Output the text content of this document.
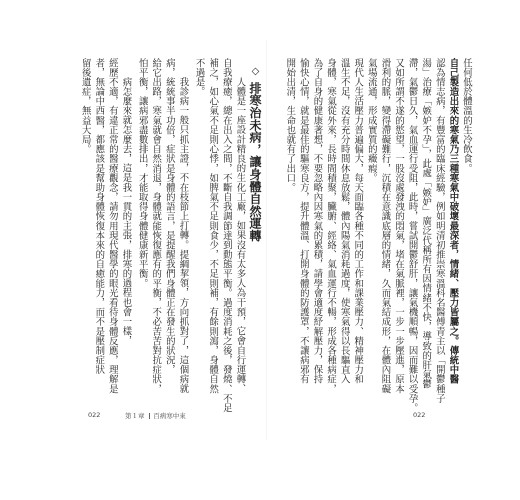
◇ 排寒治未病，讓身體自然運轉
人體是一座設計精良的生化工廠，如果沒有太多人為干預，它會自行運轉、
自我療癒，總在出入之間，不斷自我調節達到動態平衡。過度消耗之後，發燒、不足
補之，如心氣不足則心悸，如脾氣不足則食少，不足則補，有餘則瀉，身體自然
不過是。
我診病一般只抓主證，不在枝節上打轉。提綱挈領，方向抓對了，這個病就
病，統統事半功倍，症狀是身體的語言，是提醒我們身體正在發生的狀況，
給它出路，寒氣就會自然消退，身體就能恢復應有的平衡，不必苦苦對抗症狀，
怕平衡，讓病邪盡數排出，才能取得身體健康新平衡。
病怎麼來就怎麼去，這是我一貫的主張，排寒的過程也會一樣，
經歷不適，有違正常的醫療觀念，請勿用現代醫學的眼光看待身體反應，理解是
者，無論中西醫，都應該是幫助身體恢復本來的自癒能力，而不是壓制症狀
留後遺症，無益大局。	任何低於體溫的生冷飲食。
自己製造出來的寒氣乃三種寒氣中破壞最深者，情緒、壓力皆屬之。傳統中醫
認為情志病，有豐富的臨床經驗，例如明清初推崇寒溫科名醫傅青主以「開鬱種子
湯」治療「嫉妒不孕」，此處「嫉妒」廣泛代稱所有因情緒不快，導致的肝氣鬱
滯，氣鬱日久，氣血運行受阻，此時，嘗試開鬱舒肝，讓氣機順暢，因而難以受孕。
又如所謂不遂的慾望，一股沒處發洩的悶氣，堵在氣脈裡，一步一步壓進，原本
滑利的脈，變得滯礙難行，沉積在意識底層的情緒，久而氣結成形，在體內阻礙
氣場流通，形成實質的癥瘕。
現代人生活壓力普遍偏大，每天面臨各種不同的工作和課業壓力、精神壓力和
溫生不足，沒有充分時間休息放鬆，體內陽氣消耗過度，使寒氣得以長驅直入
身體，寒氣從外來，長時間積聚，臟腑、經絡、氣血運行不暢，形成各種病症，
為了自身的健康著想，不要忽略內因寒氣的累積，請學會適度紓解壓力，保持
愉快心情，就是最佳的驅寒良方，提升體溫、打開身體的防護罩，不讓病邪有
開始出清，生命也就有了出口。
022	第１章 百病寒中來	022
